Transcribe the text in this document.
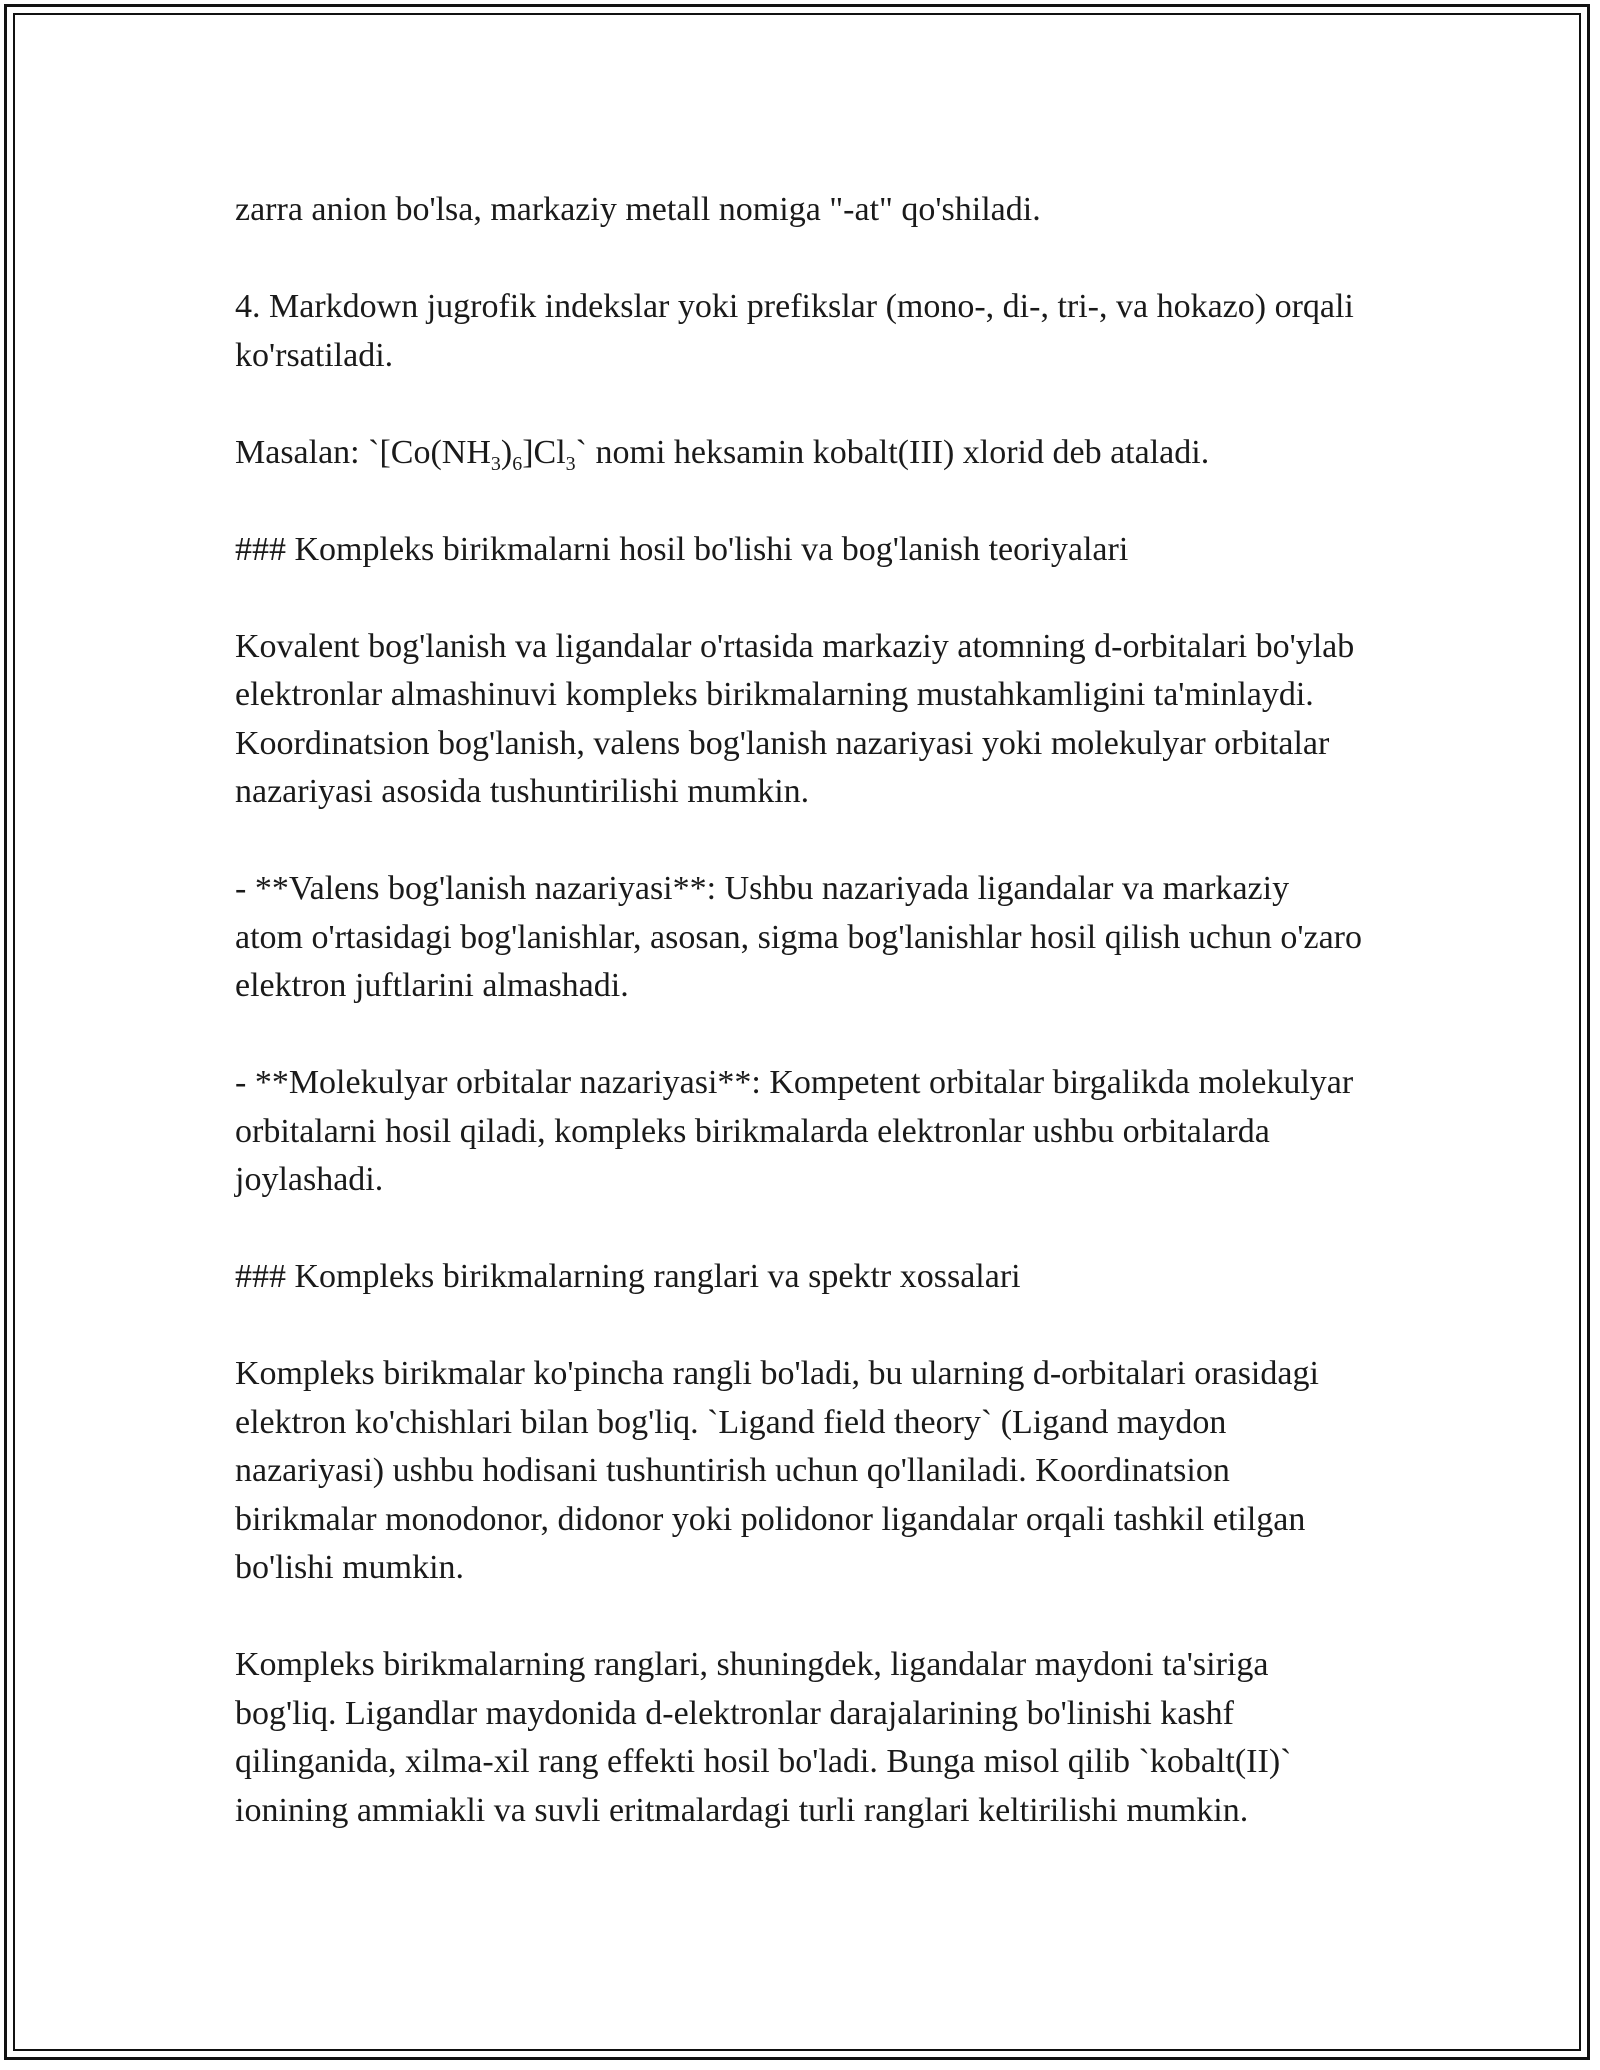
zarra anion bo'lsa, markaziy metall nomiga "-at" qo'shiladi.

4. Markdown jugrofik indekslar yoki prefikslar (mono-, di-, tri-, va hokazo) orqali ko'rsatiladi.

Masalan: $`[Co(NH_3)_6]Cl_3`$ nomi heksamin kobalt(III) xlorid deb ataladi.

### Kompleks birikmalarni hosil bo'lishi va bog'lanish teoriyalari

Kovalent bog'lanish va ligandalar o'rtasida markaziy atomning d-orbitalari bo'ylab elektronlar almashinuvi kompleks birikmalarning mustahkamligini ta'minlaydi. Koordinatsion bog'lanish, valens bog'lanish nazariyasi yoki molekulyar orbitalar nazariyasi asosida tushuntirilishi mumkin.

- **Valens bog'lanish nazariyasi**: Ushbu nazariyada ligandalar va markaziy atom o'rtasidagi bog'lanishlar, asosan, sigma bog'lanishlar hosil qilish uchun o'zaro elektron juftlarini almashadi.

- **Molekulyar orbitalar nazariyasi**: Kompetent orbitalar birgalikda molekulyar orbitalarni hosil qiladi, kompleks birikmalarda elektronlar ushbu orbitalarda joylashadi.

### Kompleks birikmalarning ranglari va spektr xossalari

Kompleks birikmalar ko'pincha rangli bo'ladi, bu ularning d-orbitalari orasidagi elektron ko'chishlari bilan bog'liq. `Ligand field theory` (Ligand maydon nazariyasi) ushbu hodisani tushuntirish uchun qo'llaniladi. Koordinatsion birikmalar monodonor, didonor yoki polidonor ligandalar orqali tashkil etilgan bo'lishi mumkin.

Kompleks birikmalarning ranglari, shuningdek, ligandalar maydoni ta'siriga bog'liq. Ligandlar maydonida d-elektronlar darajalarining bo'linishi kashf qilinganida, xilma-xil rang effekti hosil bo'ladi. Bunga misol qilib `kobalt(II)` ionining ammiakli va suvli eritmalardagi turli ranglari keltirilishi mumkin.
